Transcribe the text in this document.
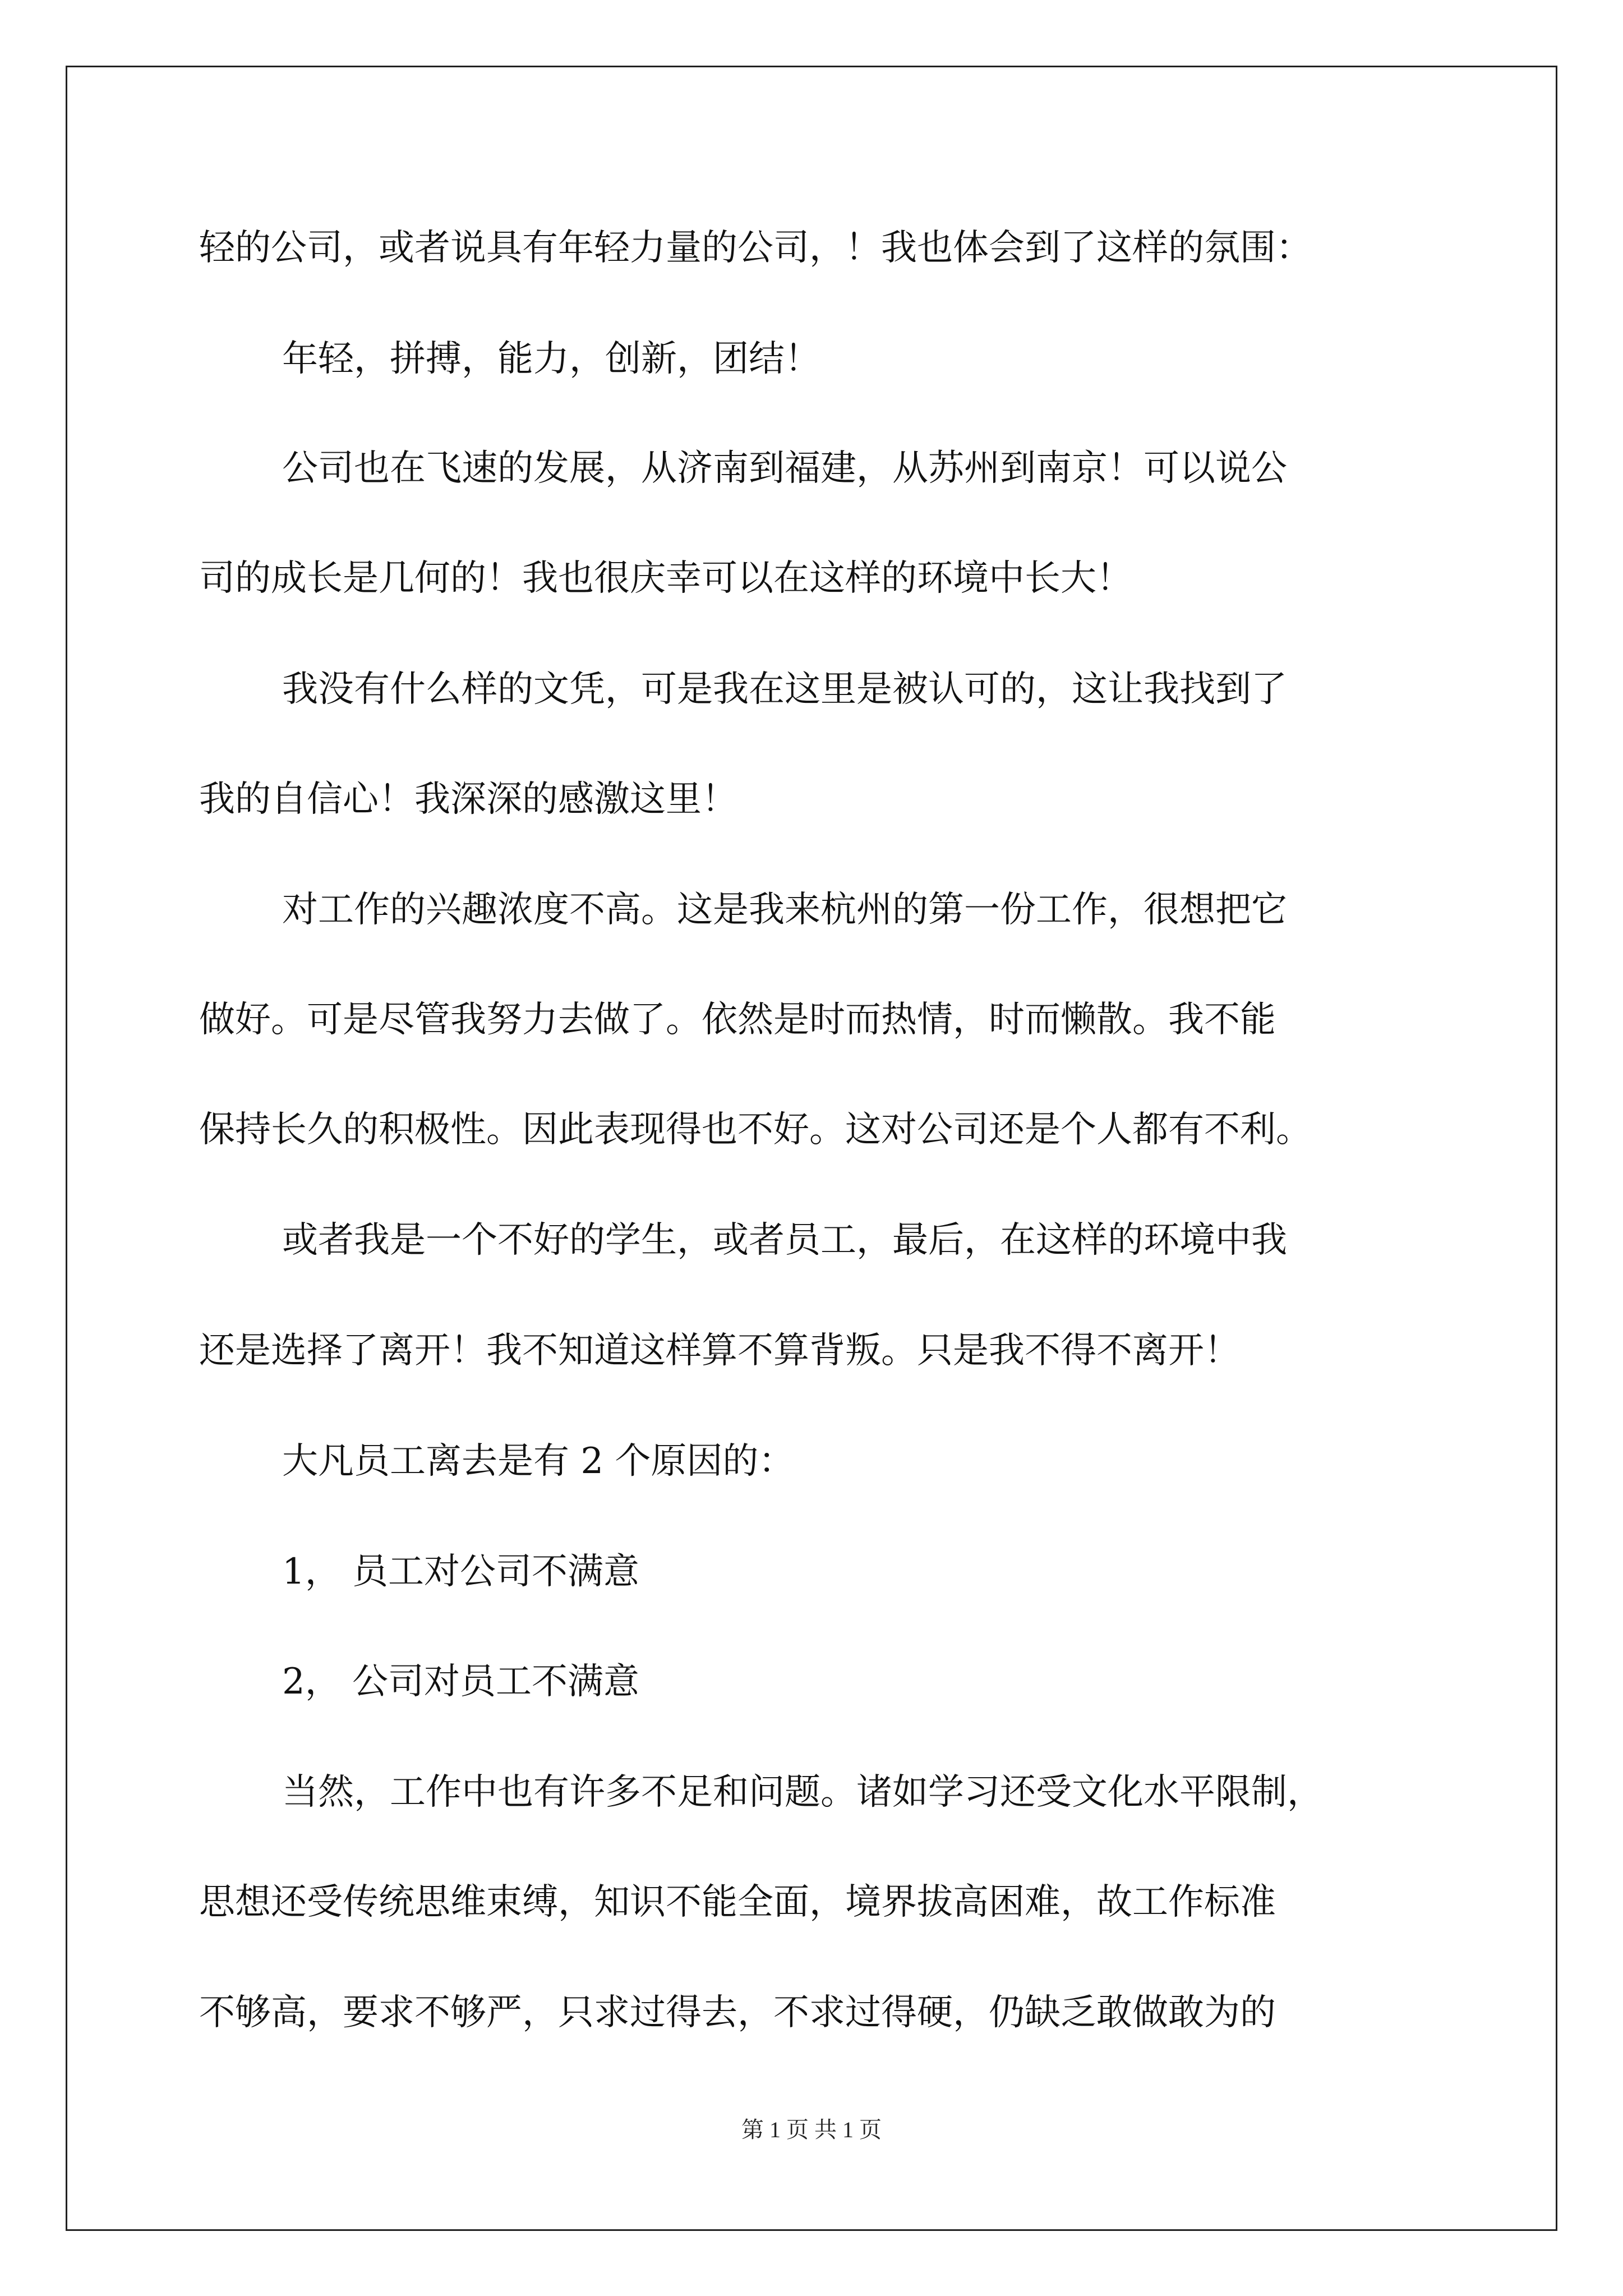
轻的公司，或者说具有年轻力量的公司，！我也体会到了这样的氛围：
年轻，拼搏，能力，创新，团结！
公司也在飞速的发展，从济南到福建，从苏州到南京！可以说公
司的成长是几何的！我也很庆幸可以在这样的环境中长大！
我没有什么样的文凭，可是我在这里是被认可的，这让我找到了
我的自信心！我深深的感激这里！
对工作的兴趣浓度不高。这是我来杭州的第一份工作，很想把它
做好。可是尽管我努力去做了。依然是时而热情，时而懒散。我不能
保持长久的积极性。因此表现得也不好。这对公司还是个人都有不利。
或者我是一个不好的学生，或者员工，最后，在这样的环境中我
还是选择了离开！我不知道这样算不算背叛。只是我不得不离开！
大凡员工离去是有 2 个原因的：
1， 员工对公司不满意
2， 公司对员工不满意
当然，工作中也有许多不足和问题。诸如学习还受文化水平限制，
思想还受传统思维束缚，知识不能全面，境界拔高困难，故工作标准
不够高，要求不够严，只求过得去，不求过得硬，仍缺乏敢做敢为的
第 1 页 共 1 页
